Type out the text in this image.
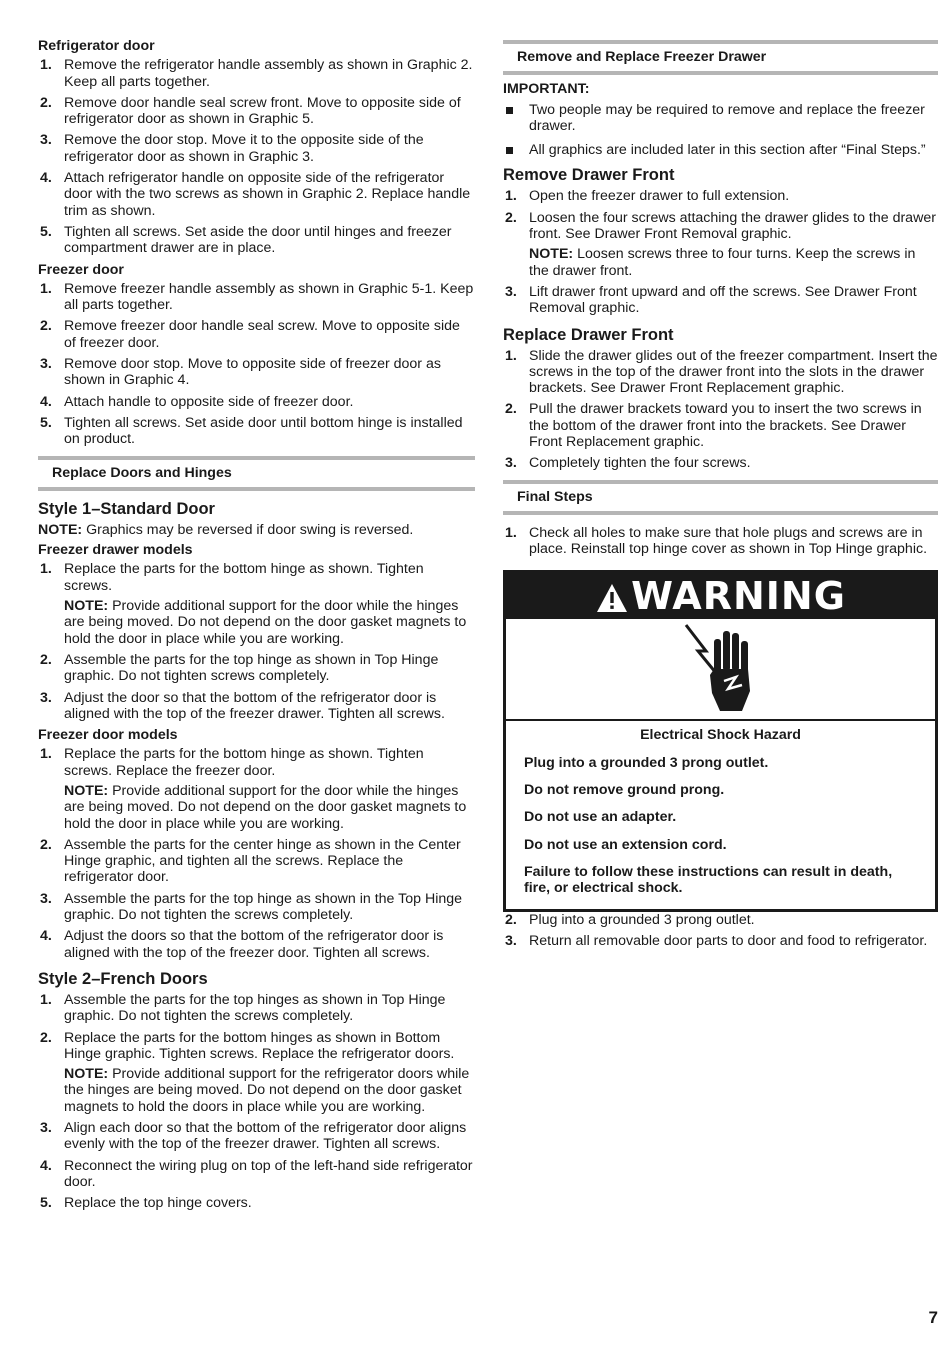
Refrigerator door
1. Remove the refrigerator handle assembly as shown in Graphic 2. Keep all parts together.
2. Remove door handle seal screw front. Move to opposite side of refrigerator door as shown in Graphic 5.
3. Remove the door stop. Move it to the opposite side of the refrigerator door as shown in Graphic 3.
4. Attach refrigerator handle on opposite side of the refrigerator door with the two screws as shown in Graphic 2. Replace handle trim as shown.
5. Tighten all screws. Set aside the door until hinges and freezer compartment drawer are in place.
Freezer door
1. Remove freezer handle assembly as shown in Graphic 5-1. Keep all parts together.
2. Remove freezer door handle seal screw. Move to opposite side of freezer door.
3. Remove door stop. Move to opposite side of freezer door as shown in Graphic 4.
4. Attach handle to opposite side of freezer door.
5. Tighten all screws. Set aside door until bottom hinge is installed on product.
Replace Doors and Hinges
Style 1–Standard Door
NOTE: Graphics may be reversed if door swing is reversed.
Freezer drawer models
1. Replace the parts for the bottom hinge as shown. Tighten screws.
NOTE: Provide additional support for the door while the hinges are being moved. Do not depend on the door gasket magnets to hold the door in place while you are working.
2. Assemble the parts for the top hinge as shown in Top Hinge graphic. Do not tighten screws completely.
3. Adjust the door so that the bottom of the refrigerator door is aligned with the top of the freezer drawer. Tighten all screws.
Freezer door models
1. Replace the parts for the bottom hinge as shown. Tighten screws. Replace the freezer door.
NOTE: Provide additional support for the door while the hinges are being moved. Do not depend on the door gasket magnets to hold the door in place while you are working.
2. Assemble the parts for the center hinge as shown in the Center Hinge graphic, and tighten all the screws. Replace the refrigerator door.
3. Assemble the parts for the top hinge as shown in the Top Hinge graphic. Do not tighten the screws completely.
4. Adjust the doors so that the bottom of the refrigerator door is aligned with the top of the freezer door. Tighten all screws.
Style 2–French Doors
1. Assemble the parts for the top hinges as shown in Top Hinge graphic. Do not tighten the screws completely.
2. Replace the parts for the bottom hinges as shown in Bottom Hinge graphic. Tighten screws. Replace the refrigerator doors.
NOTE: Provide additional support for the refrigerator doors while the hinges are being moved. Do not depend on the door gasket magnets to hold the doors in place while you are working.
3. Align each door so that the bottom of the refrigerator door aligns evenly with the top of the freezer drawer. Tighten all screws.
4. Reconnect the wiring plug on top of the left-hand side refrigerator door.
5. Replace the top hinge covers.
Remove and Replace Freezer Drawer
IMPORTANT:
Two people may be required to remove and replace the freezer drawer.
All graphics are included later in this section after “Final Steps.”
Remove Drawer Front
1. Open the freezer drawer to full extension.
2. Loosen the four screws attaching the drawer glides to the drawer front. See Drawer Front Removal graphic.
NOTE: Loosen screws three to four turns. Keep the screws in the drawer front.
3. Lift drawer front upward and off the screws. See Drawer Front Removal graphic.
Replace Drawer Front
1. Slide the drawer glides out of the freezer compartment. Insert the screws in the top of the drawer front into the slots in the drawer brackets. See Drawer Front Replacement graphic.
2. Pull the drawer brackets toward you to insert the two screws in the bottom of the drawer front into the brackets. See Drawer Front Replacement graphic.
3. Completely tighten the four screws.
Final Steps
1. Check all holes to make sure that hole plugs and screws are in place. Reinstall top hinge cover as shown in Top Hinge graphic.
WARNING
Electrical Shock Hazard
Plug into a grounded 3 prong outlet.
Do not remove ground prong.
Do not use an adapter.
Do not use an extension cord.
Failure to follow these instructions can result in death, fire, or electrical shock.
2. Plug into a grounded 3 prong outlet.
3. Return all removable door parts to door and food to refrigerator.
7
